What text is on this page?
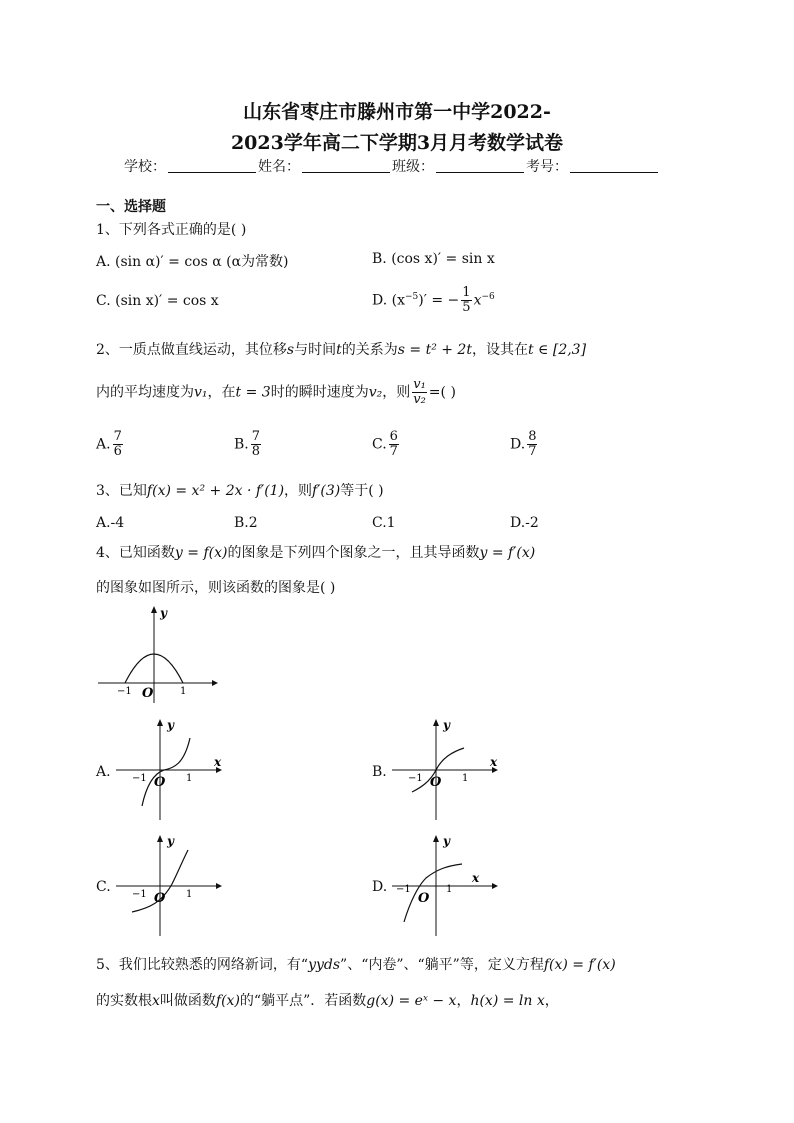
山东省枣庄市滕州市第一中学2022-
2023学年高二下学期3月月考数学试卷
学校：	姓名：	班级：	考号：
一、选择题
1、下列各式正确的是( )
A. (sin α)′ = cos α (α为常数)	B. (cos x)′ = sin x
C. (sin x)′ = cos x	D. $(x^{-5})'$ = − $\frac{1}{5} x^{-6}$
2、一质点做直线运动，其位移s与时间t的关系为s = t² + 2t，设其在t ∈ [2,3]
内的平均速度为v₁，在t = 3时的瞬时速度为v₂，则 $\frac{\text{v₁}}{\text{v₂}}$ =( )
A. $\frac{7}{6}$	B. $\frac{7}{8}$	C. $\frac{6}{7}$	D. $\frac{8}{7}$
3、已知f(x) = x² + 2x · f′(1)，则f′(3)等于( )
A.-4	B.2	C.1	D.-2
4、已知函数y = f(x)的图象是下列四个图象之一，且其导函数y = f′(x)
的图象如图所示，则该函数的图象是( )
y
O
−1	1
A.
y
x
O
−1	1	B.
y
x
O
−1	1
C.
y
O
−1	1	D.
y
x
O
−1	1
5、我们比较熟悉的网络新词，有“yyds”、“内卷”、“躺平”等，定义方程f(x) = f′(x)
的实数根x叫做函数f(x)的“躺平点”．若函数g(x) = eˣ − x，h(x) = ln x，
